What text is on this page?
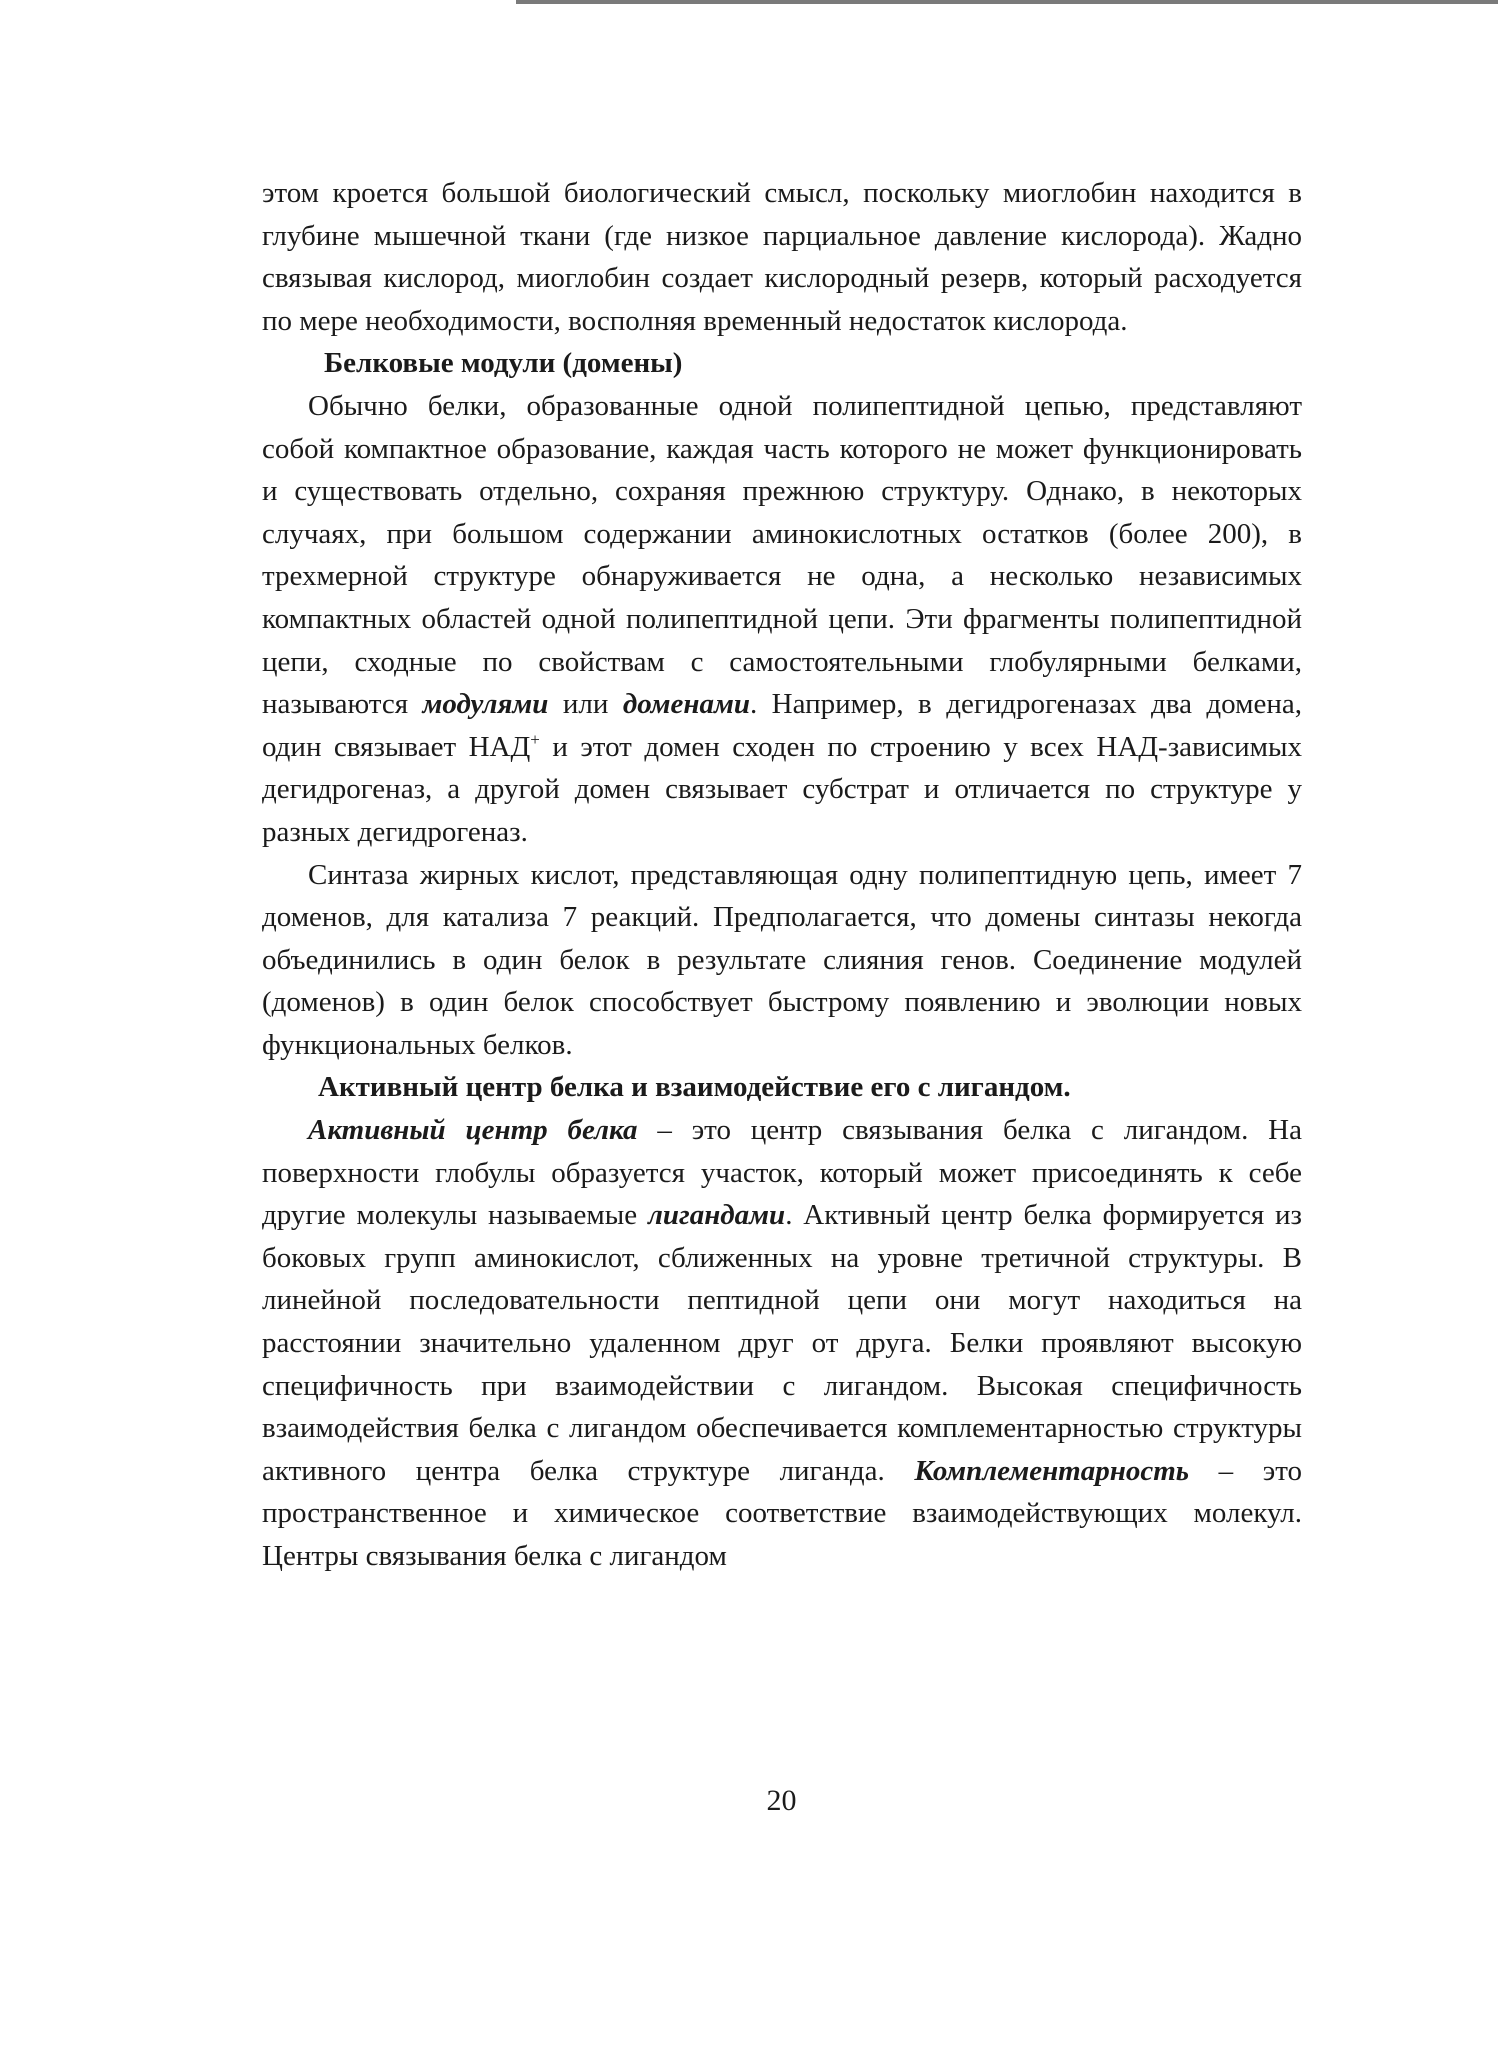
этом кроется большой биологический смысл, поскольку миоглобин находится в глубине мышечной ткани (где низкое парциальное давление кислорода). Жадно связывая кислород, миоглобин создает кислородный резерв, который расходуется по мере необходимости, восполняя временный недостаток кислорода.

Белковые модули (домены)

Обычно белки, образованные одной полипептидной цепью, представляют собой компактное образование, каждая часть которого не может функционировать и существовать отдельно, сохраняя прежнюю структуру. Однако, в некоторых случаях, при большом содержании аминокислотных остатков (более 200), в трехмерной структуре обнаруживается не одна, а несколько независимых компактных областей одной полипептидной цепи. Эти фрагменты полипептидной цепи, сходные по свойствам с самостоятельными глобулярными белками, называются модулями или доменами. Например, в дегидрогеназах два домена, один связывает НАД+ и этот домен сходен по строению у всех НАД-зависимых дегидрогеназ, а другой домен связывает субстрат и отличается по структуре у разных дегидрогеназ.

Синтаза жирных кислот, представляющая одну полипептидную цепь, имеет 7 доменов, для катализа 7 реакций. Предполагается, что домены синтазы некогда объединились в один белок в результате слияния генов. Соединение модулей (доменов) в один белок способствует быстрому появлению и эволюции новых функциональных белков.

Активный центр белка и взаимодействие его с лигандом.

Активный центр белка – это центр связывания белка с лигандом. На поверхности глобулы образуется участок, который может присоединять к себе другие молекулы называемые лигандами. Активный центр белка формируется из боковых групп аминокислот, сближенных на уровне третичной структуры. В линейной последовательности пептидной цепи они могут находиться на расстоянии значительно удаленном друг от друга. Белки проявляют высокую специфичность при взаимодействии с лигандом. Высокая специфичность взаимодействия белка с лигандом обеспечивается комплементарностью структуры активного центра белка структуре лиганда. Комплементарность – это пространственное и химическое соответствие взаимодействующих молекул. Центры связывания белка с лигандом

20
